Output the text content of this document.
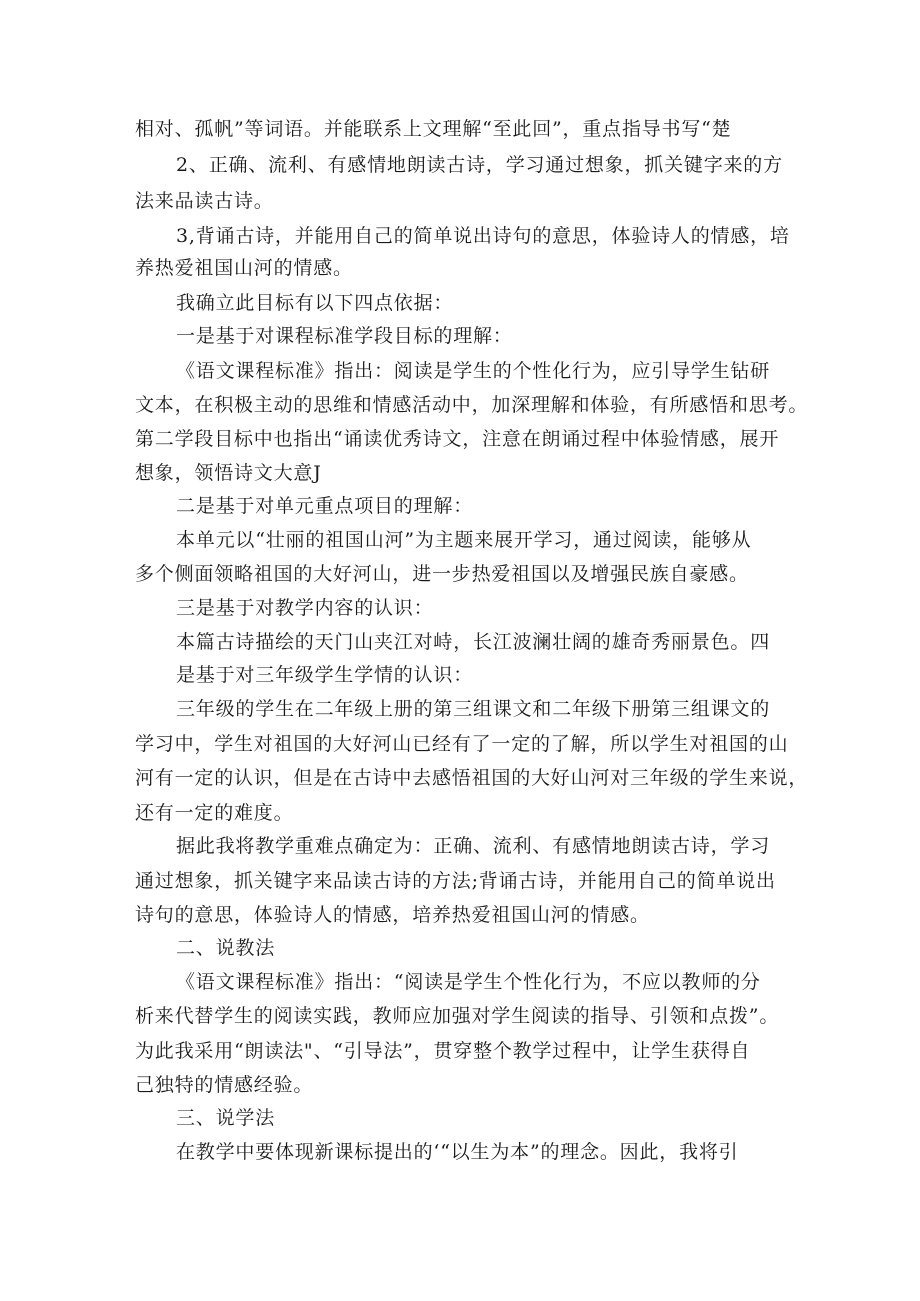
相对、孤帆”等词语。并能联系上文理解“至此回”，重点指导书写“楚
2、正确、流利、有感情地朗读古诗，学习通过想象，抓关键字来的方
法来品读古诗。
3,背诵古诗，并能用自己的简单说出诗句的意思，体验诗人的情感，培
养热爱祖国山河的情感。
我确立此目标有以下四点依据：
一是基于对课程标准学段目标的理解：
《语文课程标准》指出：阅读是学生的个性化行为，应引导学生钻研
文本，在积极主动的思维和情感活动中，加深理解和体验，有所感悟和思考。
第二学段目标中也指出“诵读优秀诗文，注意在朗诵过程中体验情感，展开
想象，领悟诗文大意J
二是基于对单元重点项目的理解：
本单元以“壮丽的祖国山河”为主题来展开学习，通过阅读，能够从
多个侧面领略祖国的大好河山，进一步热爱祖国以及增强民族自豪感。
三是基于对教学内容的认识：
本篇古诗描绘的天门山夹江对峙，长江波澜壮阔的雄奇秀丽景色。四
是基于对三年级学生学情的认识：
三年级的学生在二年级上册的第三组课文和二年级下册第三组课文的
学习中，学生对祖国的大好河山已经有了一定的了解，所以学生对祖国的山
河有一定的认识，但是在古诗中去感悟祖国的大好山河对三年级的学生来说，
还有一定的难度。
据此我将教学重难点确定为：正确、流利、有感情地朗读古诗，学习
通过想象，抓关键字来品读古诗的方法;背诵古诗，并能用自己的简单说出
诗句的意思，体验诗人的情感，培养热爱祖国山河的情感。
二、说教法
《语文课程标准》指出：“阅读是学生个性化行为，不应以教师的分
析来代替学生的阅读实践，教师应加强对学生阅读的指导、引领和点拨”。
为此我采用“朗读法"、“引导法”，贯穿整个教学过程中，让学生获得自
己独特的情感经验。
三、说学法
在教学中要体现新课标提出的‘“以生为本”的理念。因此，我将引
